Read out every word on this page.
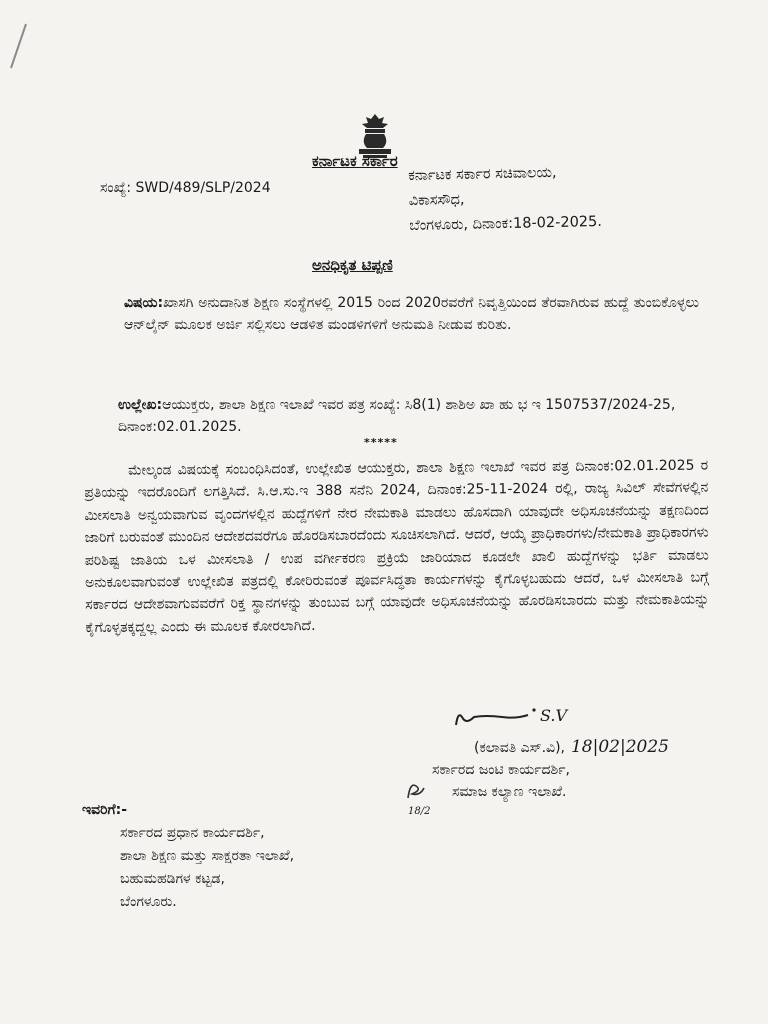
ಕರ್ನಾಟಕ ಸರ್ಕಾರ
ಸಂಖ್ಯೆ: SWD/489/SLP/2024
ಕರ್ನಾಟಕ ಸರ್ಕಾರ ಸಚಿವಾಲಯ,
ವಿಕಾಸಸೌಧ,
ಬೆಂಗಳೂರು, ದಿನಾಂಕ:18-02-2025.
ಅನಧಿಕೃತ ಟಿಪ್ಪಣಿ
ವಿಷಯ:ಖಾಸಗಿ ಅನುದಾನಿತ ಶಿಕ್ಷಣ ಸಂಸ್ಥೆಗಳಲ್ಲಿ 2015 ರಿಂದ 2020ರವರೆಗೆ ನಿವೃತ್ತಿಯಿಂದ ತೆರವಾಗಿರುವ ಹುದ್ದೆ ತುಂಬಿಕೊಳ್ಳಲು ಆನ್‌ಲೈನ್ ಮೂಲಕ ಅರ್ಜಿ ಸಲ್ಲಿಸಲು ಆಡಳಿತ ಮಂಡಳಿಗಳಿಗೆ ಅನುಮತಿ ನೀಡುವ ಕುರಿತು.
ಉಲ್ಲೇಖ:ಆಯುಕ್ತರು, ಶಾಲಾ ಶಿಕ್ಷಣ ಇಲಾಖೆ ಇವರ ಪತ್ರ ಸಂಖ್ಯೆ: ಸಿ8(1) ಶಾಶಿಅ ಖಾ ಹು ಭ ಇ 1507537/2024-25, ದಿನಾಂಕ:02.01.2025.
*****
ಮೇಲ್ಕಂಡ ವಿಷಯಕ್ಕೆ ಸಂಬಂಧಿಸಿದಂತೆ, ಉಲ್ಲೇಖಿತ ಆಯುಕ್ತರು, ಶಾಲಾ ಶಿಕ್ಷಣ ಇಲಾಖೆ ಇವರ ಪತ್ರ ದಿನಾಂಕ:02.01.2025 ರ ಪ್ರತಿಯನ್ನು ಇದರೊಂದಿಗೆ ಲಗತ್ತಿಸಿದೆ. ಸಿ.ಆ.ಸು.ಇ 388 ಸನೆನಿ 2024, ದಿನಾಂಕ:25-11-2024 ರಲ್ಲಿ, ರಾಜ್ಯ ಸಿವಿಲ್ ಸೇವೆಗಳಲ್ಲಿನ ಮೀಸಲಾತಿ ಅನ್ವಯವಾಗುವ ವೃಂದಗಳಲ್ಲಿನ ಹುದ್ದೆಗಳಿಗೆ ನೇರ ನೇಮಕಾತಿ ಮಾಡಲು ಹೊಸದಾಗಿ ಯಾವುದೇ ಅಧಿಸೂಚನೆಯನ್ನು ತಕ್ಷಣದಿಂದ ಜಾರಿಗೆ ಬರುವಂತೆ ಮುಂದಿನ ಆದೇಶದವರೆಗೂ ಹೊರಡಿಸಬಾರದೆಂದು ಸೂಚಿಸಲಾಗಿದೆ. ಆದರೆ, ಆಯ್ಕೆ ಪ್ರಾಧಿಕಾರಗಳು/ನೇಮಕಾತಿ ಪ್ರಾಧಿಕಾರಗಳು ಪರಿಶಿಷ್ಟ ಜಾತಿಯ ಒಳ ಮೀಸಲಾತಿ / ಉಪ ವರ್ಗೀಕರಣ ಪ್ರಕ್ರಿಯೆ ಜಾರಿಯಾದ ಕೂಡಲೇ ಖಾಲಿ ಹುದ್ದೆಗಳನ್ನು ಭರ್ತಿ ಮಾಡಲು ಅನುಕೂಲವಾಗುವಂತೆ ಉಲ್ಲೇಖಿತ ಪತ್ರದಲ್ಲಿ ಕೋರಿರುವಂತೆ ಪೂರ್ವಸಿದ್ಧತಾ ಕಾರ್ಯಗಳನ್ನು ಕೈಗೊಳ್ಳಬಹುದು ಆದರೆ, ಒಳ ಮೀಸಲಾತಿ ಬಗ್ಗೆ ಸರ್ಕಾರದ ಆದೇಶವಾಗುವವರೆಗೆ ರಿಕ್ತ ಸ್ಥಾನಗಳನ್ನು ತುಂಬುವ ಬಗ್ಗೆ ಯಾವುದೇ ಅಧಿಸೂಚನೆಯನ್ನು ಹೊರಡಿಸಬಾರದು ಮತ್ತು ನೇಮಕಾತಿಯನ್ನು ಕೈಗೊಳ್ಳತಕ್ಕದ್ದಲ್ಲ ಎಂದು ಈ ಮೂಲಕ ಕೋರಲಾಗಿದೆ.
S.V
(ಕಲಾವತಿ ಎಸ್.ವಿ), 18|02|2025
ಸರ್ಕಾರದ ಜಂಟಿ ಕಾರ್ಯದರ್ಶಿ,
ಸಮಾಜ ಕಲ್ಯಾಣ ಇಲಾಖೆ.
18/2
ಇವರಿಗೆ:-
ಸರ್ಕಾರದ ಪ್ರಧಾನ ಕಾರ್ಯದರ್ಶಿ,
ಶಾಲಾ ಶಿಕ್ಷಣ ಮತ್ತು ಸಾಕ್ಷರತಾ ಇಲಾಖೆ,
ಬಹುಮಹಡಿಗಳ ಕಟ್ಟಡ,
ಬೆಂಗಳೂರು.
